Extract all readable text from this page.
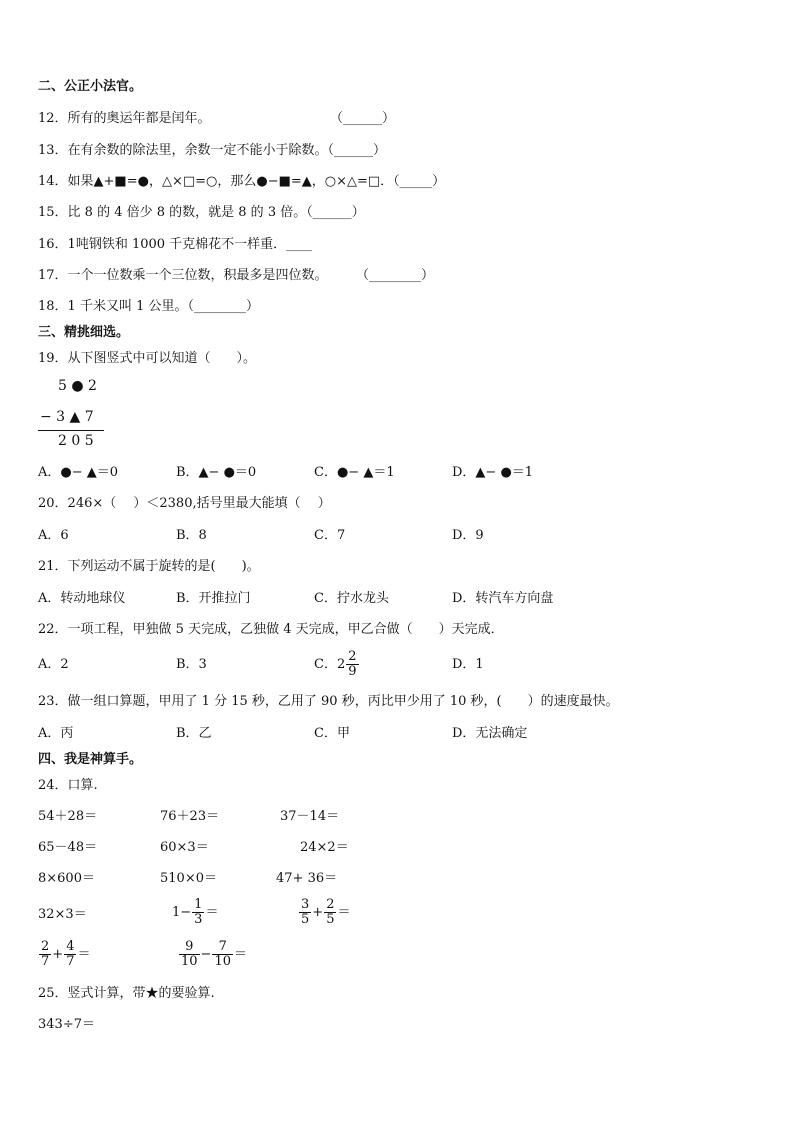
二、公正小法官。
12．所有的奥运年都是闰年。	（______）
13．在有余数的除法里，余数一定不能小于除数。（______）
14．如果▲+■=●，△×□=○，那么●−■=▲，○×△=□．（_____）
15．比 8 的 4 倍少 8 的数，就是 8 的 3 倍。（______）
16．1吨钢铁和 1000 千克棉花不一样重．____
17．一个一位数乘一个三位数，积最多是四位数。 （________）
18．1 千米又叫 1 公里。（________）
三、精挑细选。
19．从下图竖式中可以知道（　　）。
5 ● 2
− 3 ▲ 7
2 0 5
A．●− ▲＝0	B．▲− ●＝0	C．●− ▲＝1	D．▲− ●＝1
20．246×（　 ）＜2380,括号里最大能填（　 ）
A．6	B．8	C．7	D．9
21．下列运动不属于旋转的是(　　)。
A．转动地球仪	B．开推拉门	C．拧水龙头	D．转汽车方向盘
22．一项工程，甲独做 5 天完成，乙独做 4 天完成，甲乙合做（　　）天完成．
A．2	B．3	C．$2 \frac{2}{9}$	D．1
23．做一组口算题，甲用了 1 分 15 秒，乙用了 90 秒，丙比甲少用了 10 秒，(　　）的速度最快。
A．丙	B．乙	C．甲	D．无法确定
四、我是神算手。
24．口算.
54＋28＝	76＋23＝	37－14＝
65－48＝	60×3＝	24×2＝
8×600＝	510×0＝	47+ 36＝
32×3＝	$1- \frac{1}{3}$ ＝	$\frac{3}{5} + \frac{2}{5}$ ＝
$\frac{2}{7} + \frac{4}{7}$ ＝	$\frac{9}{10} - \frac{7}{10}$ ＝
25．竖式计算，带★的要验算.
343÷7＝
